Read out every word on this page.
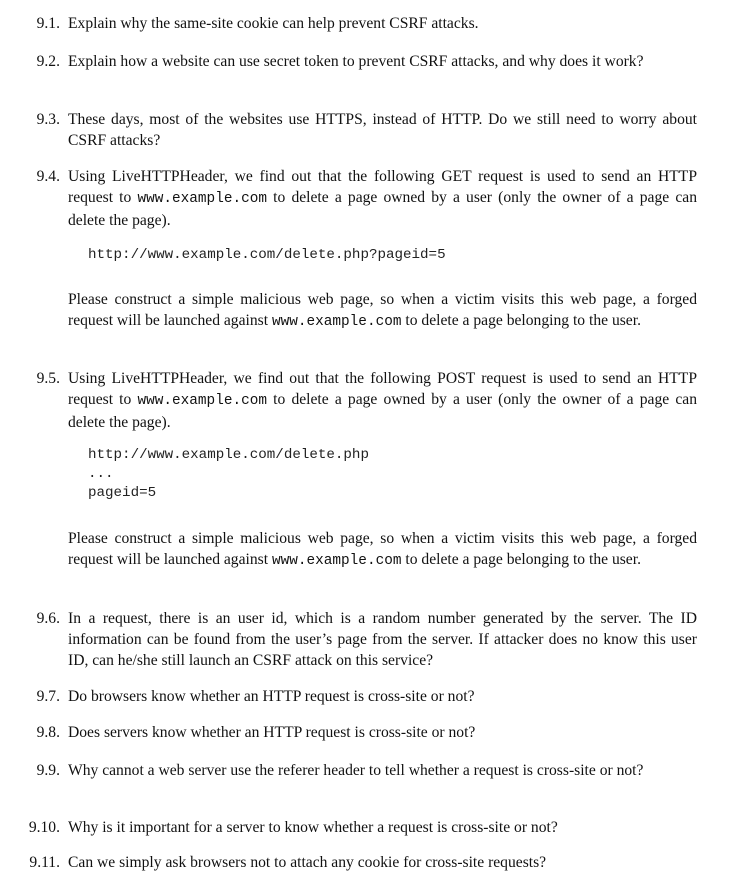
9.1. Explain why the same-site cookie can help prevent CSRF attacks.

9.2. Explain how a website can use secret token to prevent CSRF attacks, and why does it work?

9.3. These days, most of the websites use HTTPS, instead of HTTP. Do we still need to worry about CSRF attacks?

9.4. Using LiveHTTPHeader, we find out that the following GET request is used to send an HTTP request to www.example.com to delete a page owned by a user (only the owner of a page can delete the page).

http://www.example.com/delete.php?pageid=5

Please construct a simple malicious web page, so when a victim visits this web page, a forged request will be launched against www.example.com to delete a page belonging to the user.

9.5. Using LiveHTTPHeader, we find out that the following POST request is used to send an HTTP request to www.example.com to delete a page owned by a user (only the owner of a page can delete the page).

http://www.example.com/delete.php
...
pageid=5

Please construct a simple malicious web page, so when a victim visits this web page, a forged request will be launched against www.example.com to delete a page belonging to the user.

9.6. In a request, there is an user id, which is a random number generated by the server. The ID information can be found from the user’s page from the server. If attacker does no know this user ID, can he/she still launch an CSRF attack on this service?

9.7. Do browsers know whether an HTTP request is cross-site or not?

9.8. Does servers know whether an HTTP request is cross-site or not?

9.9. Why cannot a web server use the referer header to tell whether a request is cross-site or not?

9.10. Why is it important for a server to know whether a request is cross-site or not?

9.11. Can we simply ask browsers not to attach any cookie for cross-site requests?
